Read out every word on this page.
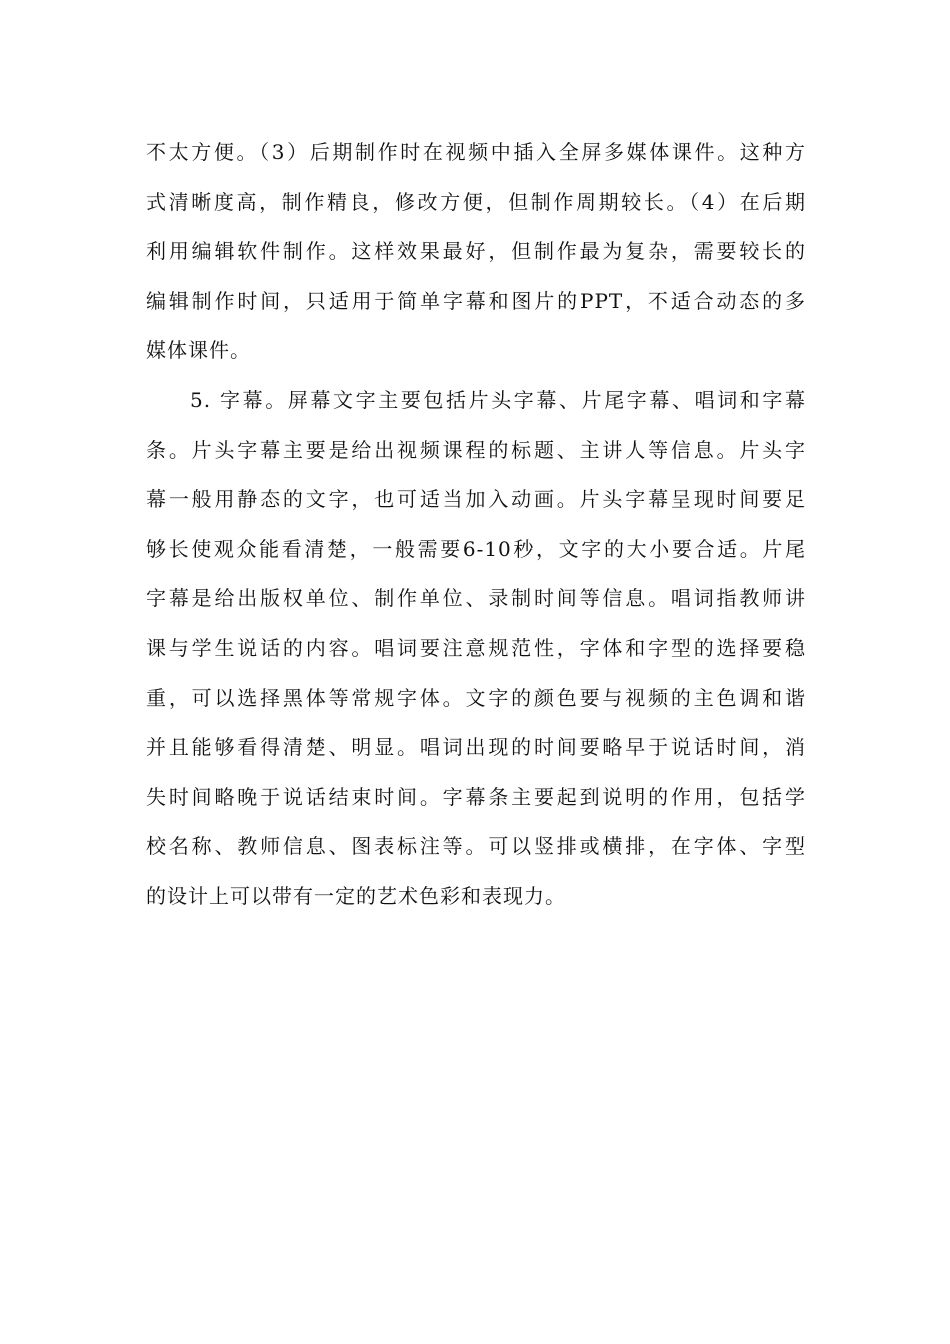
不太方便。（3）后期制作时在视频中插入全屏多媒体课件。这种方
式清晰度高，制作精良，修改方便，但制作周期较长。（4）在后期
利用编辑软件制作。这样效果最好，但制作最为复杂，需要较长的
编辑制作时间，只适用于简单字幕和图片的PPT，不适合动态的多
媒体课件。
5. 字幕。屏幕文字主要包括片头字幕、片尾字幕、唱词和字幕
条。片头字幕主要是给出视频课程的标题、主讲人等信息。片头字
幕一般用静态的文字，也可适当加入动画。片头字幕呈现时间要足
够长使观众能看清楚，一般需要6-10秒，文字的大小要合适。片尾
字幕是给出版权单位、制作单位、录制时间等信息。唱词指教师讲
课与学生说话的内容。唱词要注意规范性，字体和字型的选择要稳
重，可以选择黑体等常规字体。文字的颜色要与视频的主色调和谐
并且能够看得清楚、明显。唱词出现的时间要略早于说话时间，消
失时间略晚于说话结束时间。字幕条主要起到说明的作用，包括学
校名称、教师信息、图表标注等。可以竖排或横排，在字体、字型
的设计上可以带有一定的艺术色彩和表现力。
